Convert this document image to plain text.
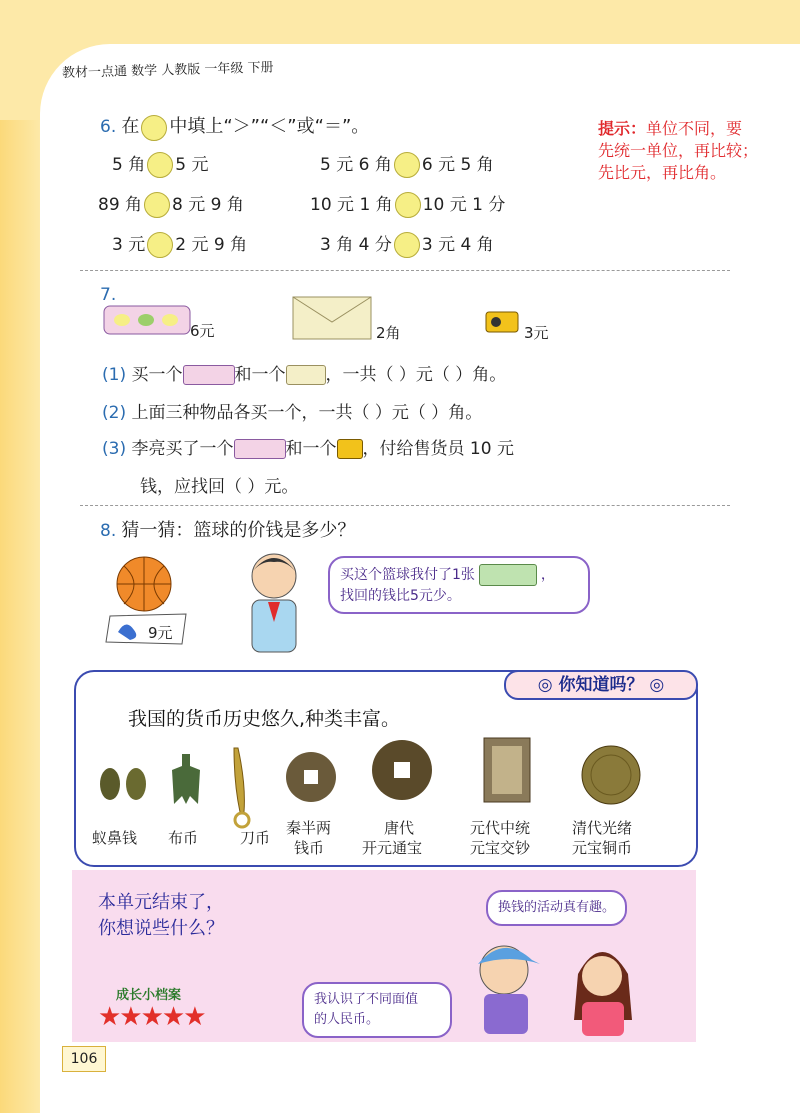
教材一点通 数学 人教版 一年级 下册
6. 在 中填上“＞”“＜”或“＝”。	提示：单位不同，要先统一单位，再比较；先比元，再比角。
5 角 5 元	5 元 6 角 6 元 5 角
89 角 8 元 9 角	10 元 1 角 10 元 1 分
3 元 2 元 9 角	3 角 4 分 3 元 4 角
7.
6元	2角	3元
(1) 买一个	和一个 ，一共（ ）元（ ）角。
(2) 上面三种物品各买一个，一共（ ）元（ ）角。
(3) 李亮买了一个	和一个 ，付给售货员 10 元
钱，应找回（ ）元。
8. 猜一猜：篮球的价钱是多少？
9元
买这个篮球我付了1张	，
找回的钱比5元少。
◎ 你知道吗？ ◎
我国的货币历史悠久,种类丰富。
蚁鼻钱 布币	刀币
秦半两
钱币
唐代
开元通宝
元代中统
元宝交钞
清代光绪
元宝铜币
本单元结束了，
你想说些什么？
成长小档案
★★★★★
换钱的活动真有趣。
我认识了不同面值
的人民币。
106
